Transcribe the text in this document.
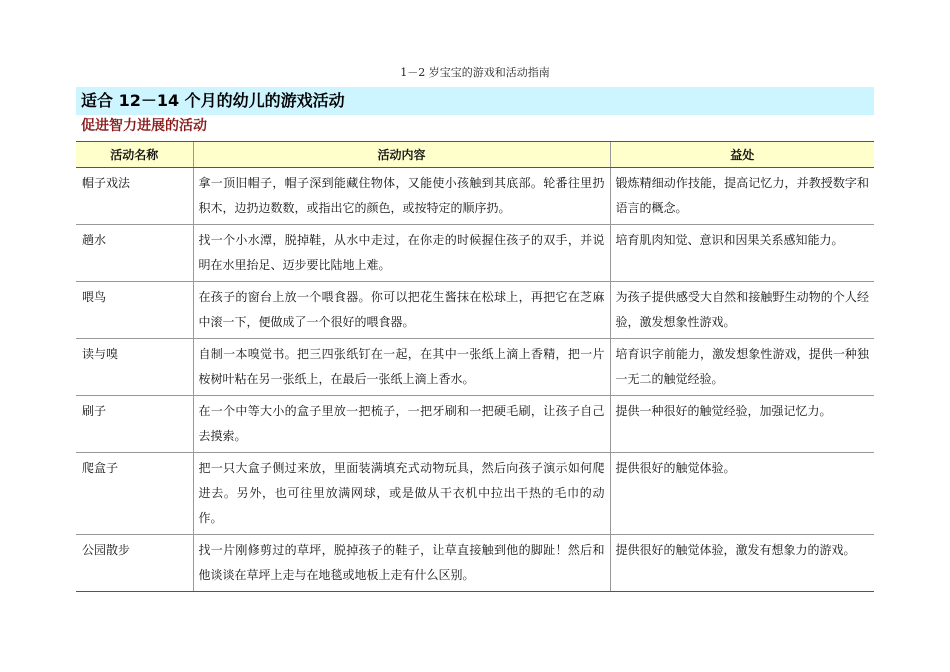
1－2 岁宝宝的游戏和活动指南
适合 12－14 个月的幼儿的游戏活动
促进智力进展的活动
活动名称	活动内容	益处
帽子戏法	拿一顶旧帽子，帽子深到能藏住物体，又能使小孩触到其底部。轮番往里扔积木，边扔边数数，或指出它的颜色，或按特定的顺序扔。	锻炼精细动作技能，提高记忆力，并教授数字和语言的概念。
趟水	找一个小水潭，脱掉鞋，从水中走过，在你走的时候握住孩子的双手，并说明在水里抬足、迈步要比陆地上难。	培育肌肉知觉、意识和因果关系感知能力。
喂鸟	在孩子的窗台上放一个喂食器。你可以把花生酱抹在松球上，再把它在芝麻中滚一下，便做成了一个很好的喂食器。	为孩子提供感受大自然和接触野生动物的个人经验，激发想象性游戏。
读与嗅	自制一本嗅觉书。把三四张纸钉在一起，在其中一张纸上滴上香精，把一片桉树叶粘在另一张纸上，在最后一张纸上滴上香水。	培育识字前能力，激发想象性游戏，提供一种独一无二的触觉经验。
刷子	在一个中等大小的盒子里放一把梳子，一把牙刷和一把硬毛刷，让孩子自己去摸索。	提供一种很好的触觉经验，加强记忆力。
爬盒子	把一只大盒子侧过来放，里面装满填充式动物玩具，然后向孩子演示如何爬进去。另外，也可往里放满网球，或是做从干衣机中拉出干热的毛巾的动作。	提供很好的触觉体验。
公园散步	找一片刚修剪过的草坪，脱掉孩子的鞋子，让草直接触到他的脚趾！然后和他谈谈在草坪上走与在地毯或地板上走有什么区别。	提供很好的触觉体验，激发有想象力的游戏。
